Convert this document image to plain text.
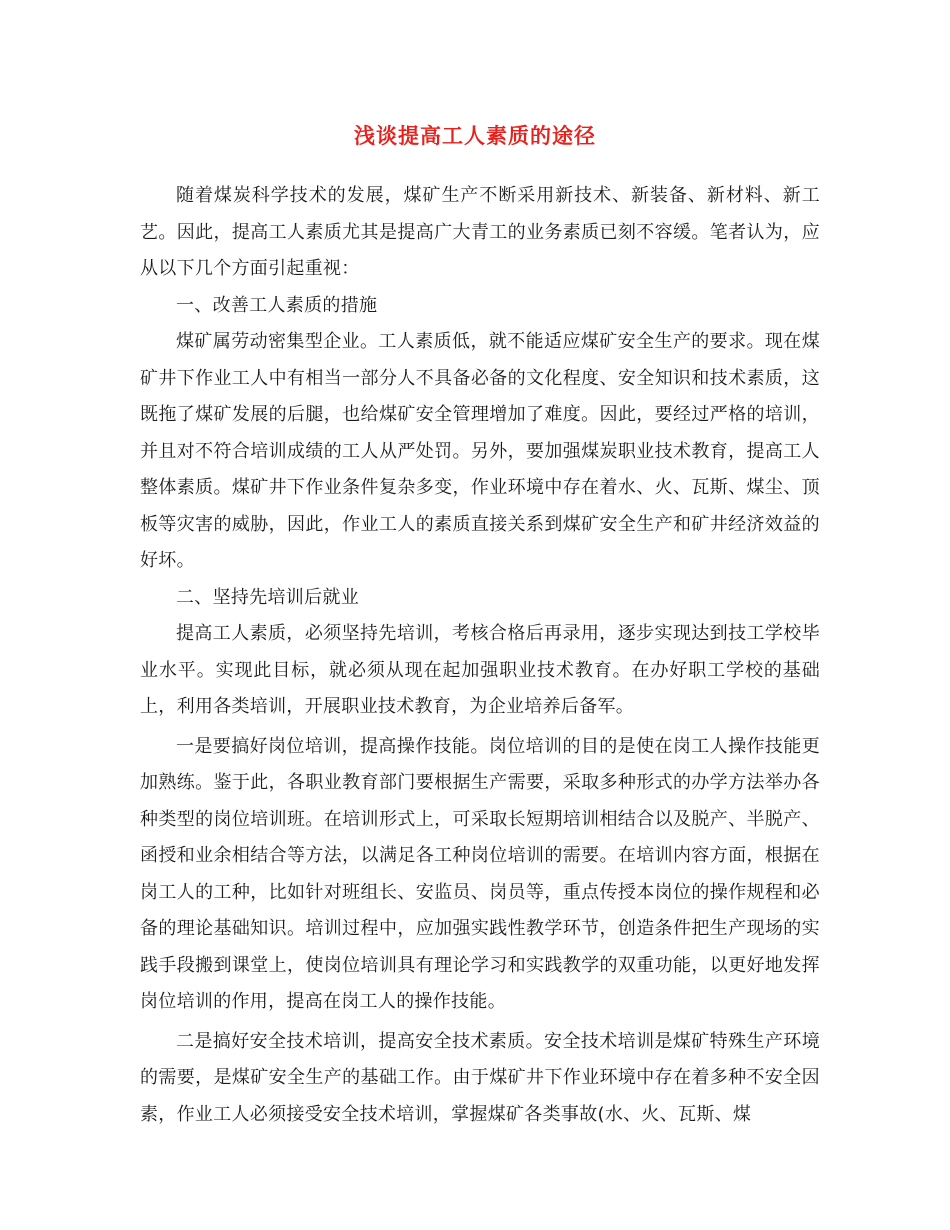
浅谈提高工人素质的途径

随着煤炭科学技术的发展，煤矿生产不断采用新技术、新装备、新材料、新工艺。因此，提高工人素质尤其是提高广大青工的业务素质已刻不容缓。笔者认为，应从以下几个方面引起重视：

一、改善工人素质的措施

煤矿属劳动密集型企业。工人素质低，就不能适应煤矿安全生产的要求。现在煤矿井下作业工人中有相当一部分人不具备必备的文化程度、安全知识和技术素质，这既拖了煤矿发展的后腿，也给煤矿安全管理增加了难度。因此，要经过严格的培训，并且对不符合培训成绩的工人从严处罚。另外，要加强煤炭职业技术教育，提高工人整体素质。煤矿井下作业条件复杂多变，作业环境中存在着水、火、瓦斯、煤尘、顶板等灾害的威胁，因此，作业工人的素质直接关系到煤矿安全生产和矿井经济效益的好坏。

二、坚持先培训后就业

提高工人素质，必须坚持先培训，考核合格后再录用，逐步实现达到技工学校毕业水平。实现此目标，就必须从现在起加强职业技术教育。在办好职工学校的基础上，利用各类培训，开展职业技术教育，为企业培养后备军。

一是要搞好岗位培训，提高操作技能。岗位培训的目的是使在岗工人操作技能更加熟练。鉴于此，各职业教育部门要根据生产需要，采取多种形式的办学方法举办各种类型的岗位培训班。在培训形式上，可采取长短期培训相结合以及脱产、半脱产、函授和业余相结合等方法，以满足各工种岗位培训的需要。在培训内容方面，根据在岗工人的工种，比如针对班组长、安监员、岗员等，重点传授本岗位的操作规程和必备的理论基础知识。培训过程中，应加强实践性教学环节，创造条件把生产现场的实践手段搬到课堂上，使岗位培训具有理论学习和实践教学的双重功能，以更好地发挥岗位培训的作用，提高在岗工人的操作技能。

二是搞好安全技术培训，提高安全技术素质。安全技术培训是煤矿特殊生产环境的需要，是煤矿安全生产的基础工作。由于煤矿井下作业环境中存在着多种不安全因素，作业工人必须接受安全技术培训，掌握煤矿各类事故(水、火、瓦斯、煤
